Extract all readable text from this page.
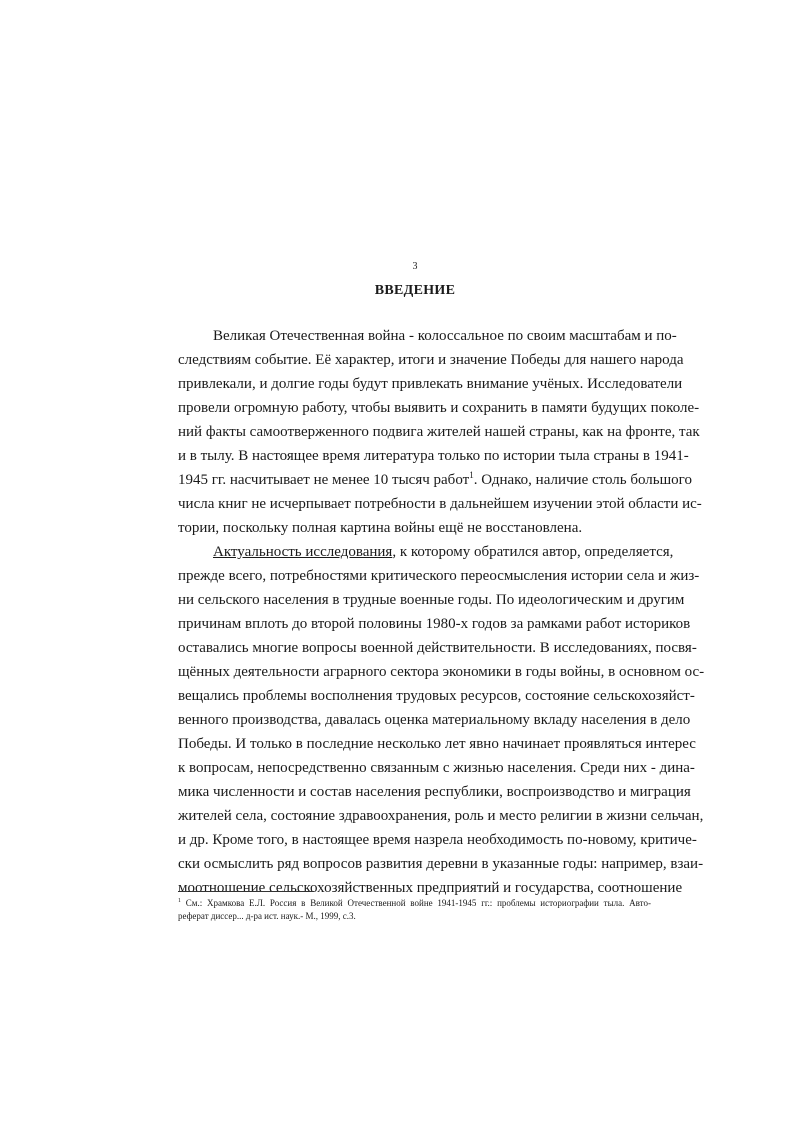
3
ВВЕДЕНИЕ
Великая Отечественная война - колоссальное по своим масштабам и по-
следствиям событие. Её характер, итоги и значение Победы для нашего народа
привлекали, и долгие годы будут привлекать внимание учёных. Исследователи
провели огромную работу, чтобы выявить и сохранить в памяти будущих поколе-
ний факты самоотверженного подвига жителей нашей страны, как на фронте, так
и в тылу. В настоящее время литература только по истории тыла страны в 1941-
1945 гг. насчитывает не менее 10 тысяч работ$^1$. Однако, наличие столь большого
числа книг не исчерпывает потребности в дальнейшем изучении этой области ис-
тории, поскольку полная картина войны ещё не восстановлена.
Актуальность исследования, к которому обратился автор, определяется,
прежде всего, потребностями критического переосмысления истории села и жиз-
ни сельского населения в трудные военные годы. По идеологическим и другим
причинам вплоть до второй половины 1980-х годов за рамками работ историков
оставались многие вопросы военной действительности. В исследованиях, посвя-
щённых деятельности аграрного сектора экономики в годы войны, в основном ос-
вещались проблемы восполнения трудовых ресурсов, состояние сельскохозяйст-
венного производства, давалась оценка материальному вкладу населения в дело
Победы. И только в последние несколько лет явно начинает проявляться интерес
к вопросам, непосредственно связанным с жизнью населения. Среди них - дина-
мика численности и состав населения республики, воспроизводство и миграция
жителей села, состояние здравоохранения, роль и место религии в жизни сельчан,
и др. Кроме того, в настоящее время назрела необходимость по-новому, критиче-
ски осмыслить ряд вопросов развития деревни в указанные годы: например, взаи-
моотношение сельскохозяйственных предприятий и государства, соотношение
$^1$ См.: Храмкова Е.Л. Россия в Великой Отечественной войне 1941-1945 гг.: проблемы историографии тыла. Авто-
реферат диссер... д-ра ист. наук.- М., 1999, с.3.
